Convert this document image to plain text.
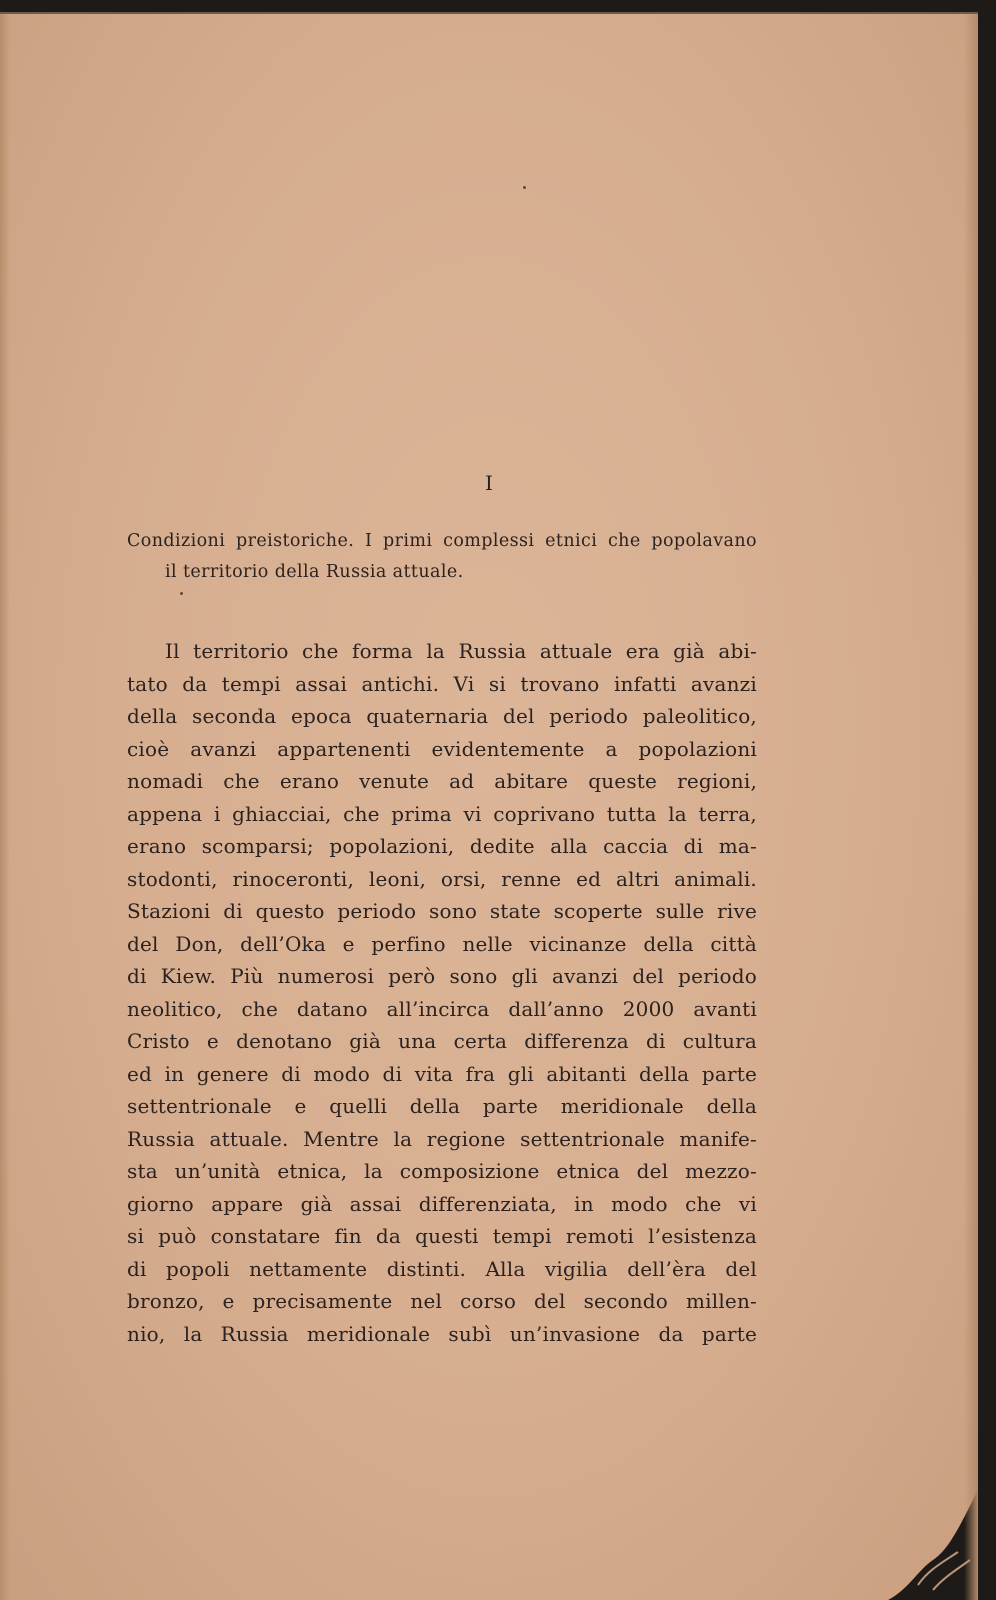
I
Condizioni preistoriche. I primi complessi etnici che popolavano
il territorio della Russia attuale.
Il territorio che forma la Russia attuale era già abi-
tato da tempi assai antichi. Vi si trovano infatti avanzi
della seconda epoca quaternaria del periodo paleolitico,
cioè avanzi appartenenti evidentemente a popolazioni
nomadi che erano venute ad abitare queste regioni,
appena i ghiacciai, che prima vi coprivano tutta la terra,
erano scomparsi; popolazioni, dedite alla caccia di ma-
stodonti, rinoceronti, leoni, orsi, renne ed altri animali.
Stazioni di questo periodo sono state scoperte sulle rive
del Don, dell’Oka e perfino nelle vicinanze della città
di Kiew. Più numerosi però sono gli avanzi del periodo
neolitico, che datano all’incirca dall’anno 2000 avanti
Cristo e denotano già una certa differenza di cultura
ed in genere di modo di vita fra gli abitanti della parte
settentrionale e quelli della parte meridionale della
Russia attuale. Mentre la regione settentrionale manife-
sta un’unità etnica, la composizione etnica del mezzo-
giorno appare già assai differenziata, in modo che vi
si può constatare fin da questi tempi remoti l’esistenza
di popoli nettamente distinti. Alla vigilia dell’èra del
bronzo, e precisamente nel corso del secondo millen-
nio, la Russia meridionale subì un’invasione da parte
